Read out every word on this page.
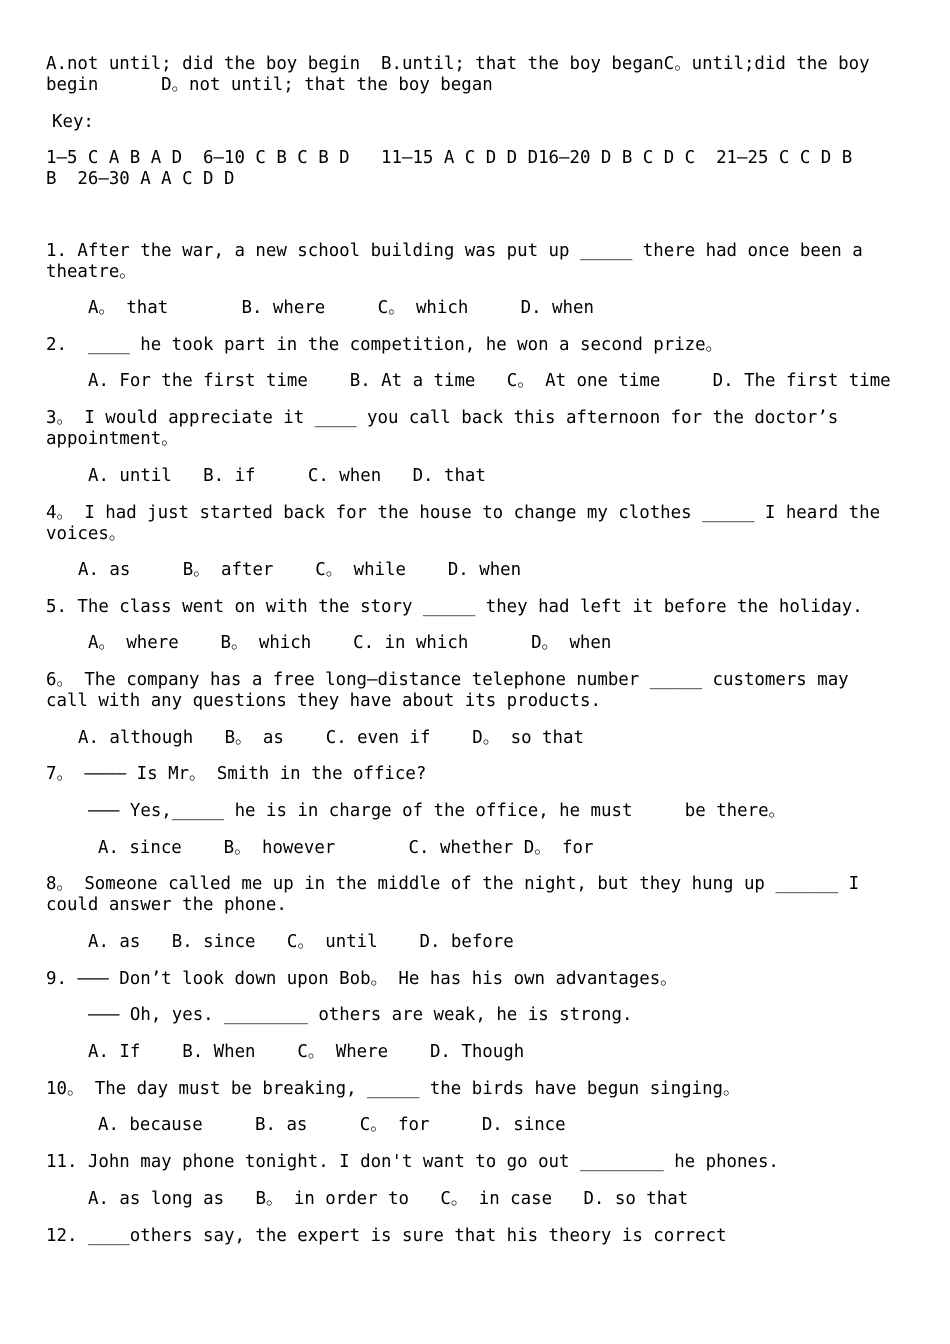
A.not until; did the boy begin  B.until; that the boy beganC。until;did the boy
begin      D。not until; that the boy began
Key:
1—5 C A B A D  6—10 C B C B D   11—15 A C D D D16—20 D B C D C  21—25 C C D B
B  26—30 A A C D D
1. After the war, a new school building was put up _____ there had once been a
theatre。
A。 that       B. where     C。 which     D. when
2.  ____ he took part in the competition, he won a second prize。
A. For the first time    B. At a time   C。 At one time     D. The first time
3。 I would appreciate it ____ you call back this afternoon for the doctor’s
appointment。
A. until   B. if     C. when   D. that
4。 I had just started back for the house to change my clothes _____ I heard the
voices。
A. as     B。 after    C。 while    D. when
5. The class went on with the story _____ they had left it before the holiday.
A。 where    B。 which    C. in which      D。 when
6。 The company has a free long—distance telephone number _____ customers may
call with any questions they have about its products.
A. although   B。 as    C. even if    D。 so that
7。 ———— Is Mr。 Smith in the office?
——— Yes,_____ he is in charge of the office, he must     be there。
A. since    B。 however       C. whether D。 for
8。 Someone called me up in the middle of the night, but they hung up ______ I
could answer the phone.
A. as   B. since   C。 until    D. before
9. ——— Don’t look down upon Bob。 He has his own advantages。
——— Oh, yes. ________ others are weak, he is strong.
A. If    B. When    C。 Where    D. Though
10。 The day must be breaking, _____ the birds have begun singing。
A. because     B. as     C。 for     D. since
11. John may phone tonight. I don't want to go out ________ he phones.
A. as long as   B。 in order to   C。 in case   D. so that
12. ____others say, the expert is sure that his theory is correct
